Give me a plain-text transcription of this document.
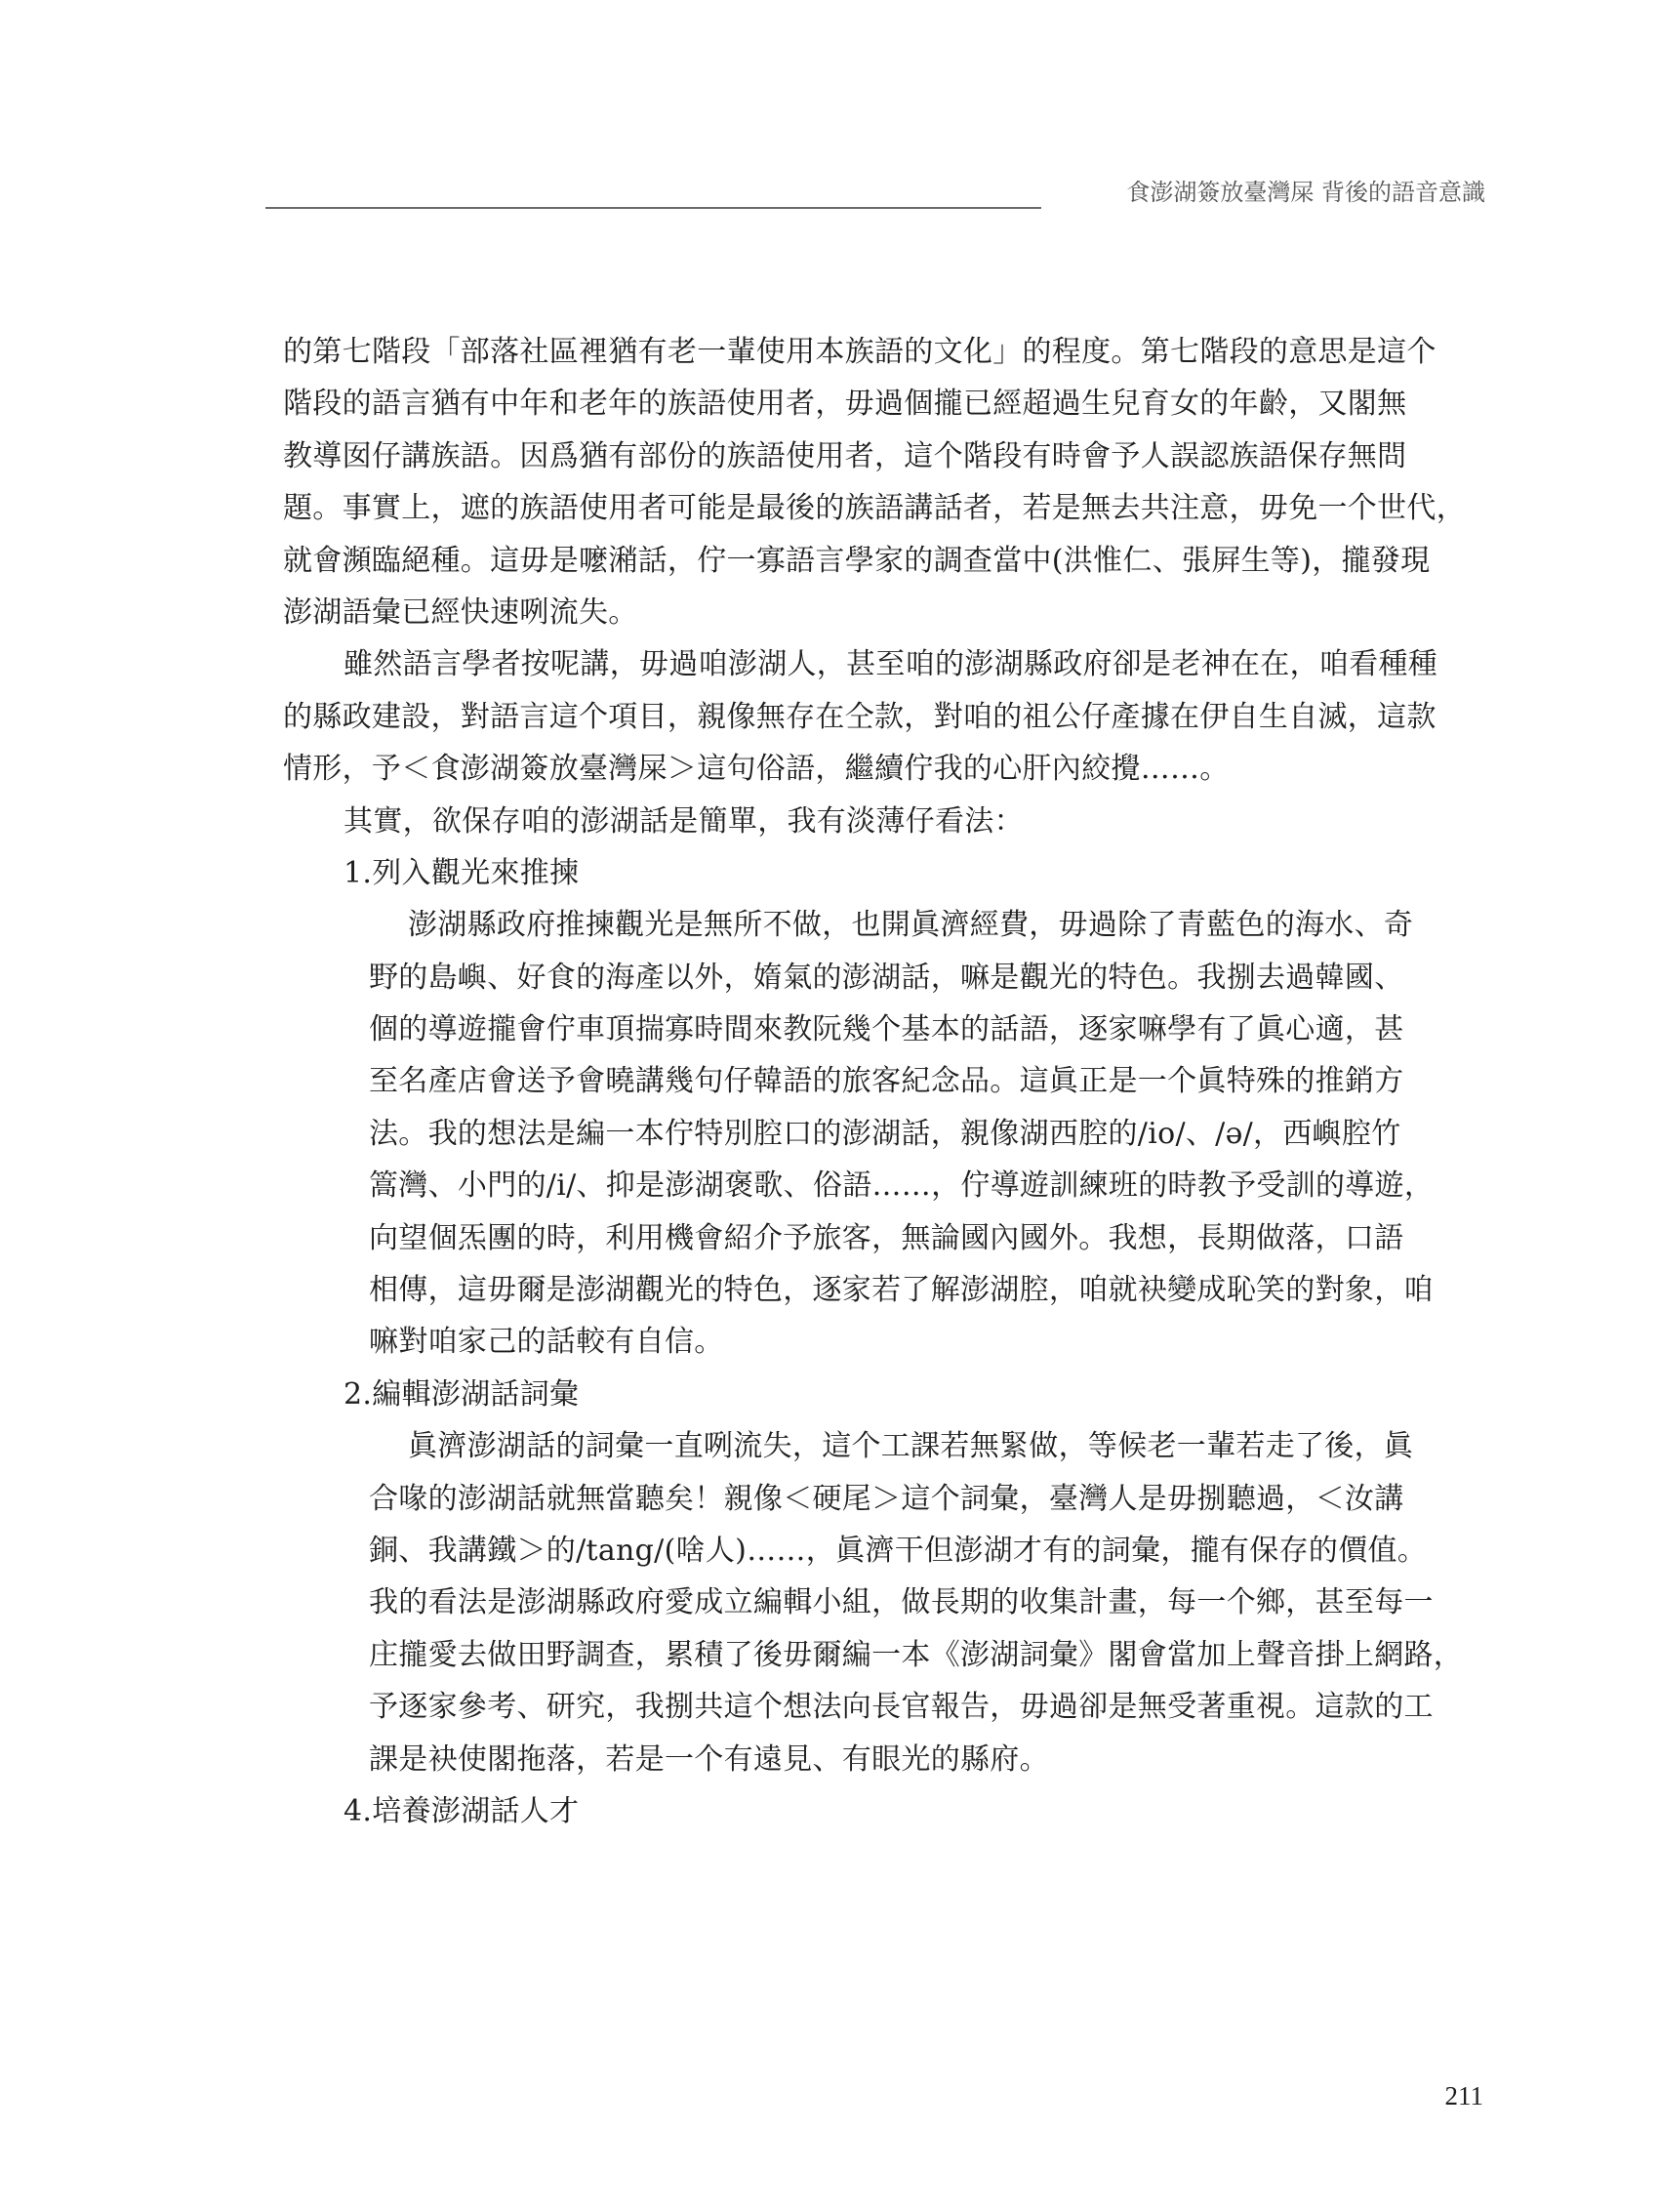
食澎湖簽放臺灣屎 背後的語音意識
的第七階段「部落社區裡猶有老一輩使用本族語的文化」的程度。第七階段的意思是這个
階段的語言猶有中年和老年的族語使用者，毋過個攏已經超過生兒育女的年齡，又閣無
教導囡仔講族語。因爲猶有部份的族語使用者，這个階段有時會予人誤認族語保存無問
題。事實上，遮的族語使用者可能是最後的族語講話者，若是無去共注意，毋免一个世代，
就會瀕臨絕種。這毋是嚒潲話，佇一寡語言學家的調查當中(洪惟仁、張屛生等)，攏發現
澎湖語彙已經快速咧流失。
雖然語言學者按呢講，毋過咱澎湖人，甚至咱的澎湖縣政府卻是老神在在，咱看種種
的縣政建設，對語言這个項目，親像無存在仝款，對咱的祖公仔產據在伊自生自滅，這款
情形，予＜食澎湖簽放臺灣屎＞這句俗語，繼續佇我的心肝內絞攪……。
其實，欲保存咱的澎湖話是簡單，我有淡薄仔看法：
1.列入觀光來推揀
澎湖縣政府推揀觀光是無所不做，也開眞濟經費，毋過除了青藍色的海水、奇
野的島嶼、好食的海產以外，媠氣的澎湖話，嘛是觀光的特色。我捌去過韓國、
個的導遊攏會佇車頂揣寡時間來教阮幾个基本的話語，逐家嘛學有了眞心適，甚
至名產店會送予會曉講幾句仔韓語的旅客紀念品。這眞正是一个眞特殊的推銷方
法。我的想法是編一本佇特別腔口的澎湖話，親像湖西腔的/io/、/ə/，西嶼腔竹
篙灣、小門的/i/、抑是澎湖褒歌、俗語……，佇導遊訓練班的時教予受訓的導遊，
向望個炁團的時，利用機會紹介予旅客，無論國內國外。我想，長期做落，口語
相傳，這毋爾是澎湖觀光的特色，逐家若了解澎湖腔，咱就袂變成恥笑的對象，咱
嘛對咱家己的話較有自信。
2.編輯澎湖話詞彙
眞濟澎湖話的詞彙一直咧流失，這个工課若無緊做，等候老一輩若走了後，眞
合喙的澎湖話就無當聽矣！親像＜硬尾＞這个詞彙，臺灣人是毋捌聽過，＜汝講
銅、我講鐵＞的/tang/(啥人)……，眞濟干但澎湖才有的詞彙，攏有保存的價值。
我的看法是澎湖縣政府愛成立編輯小組，做長期的收集計畫，每一个鄉，甚至每一
庄攏愛去做田野調查，累積了後毋爾編一本《澎湖詞彙》閣會當加上聲音掛上網路，
予逐家參考、研究，我捌共這个想法向長官報告，毋過卻是無受著重視。這款的工
課是袂使閣拖落，若是一个有遠見、有眼光的縣府。
4.培養澎湖話人才
211
